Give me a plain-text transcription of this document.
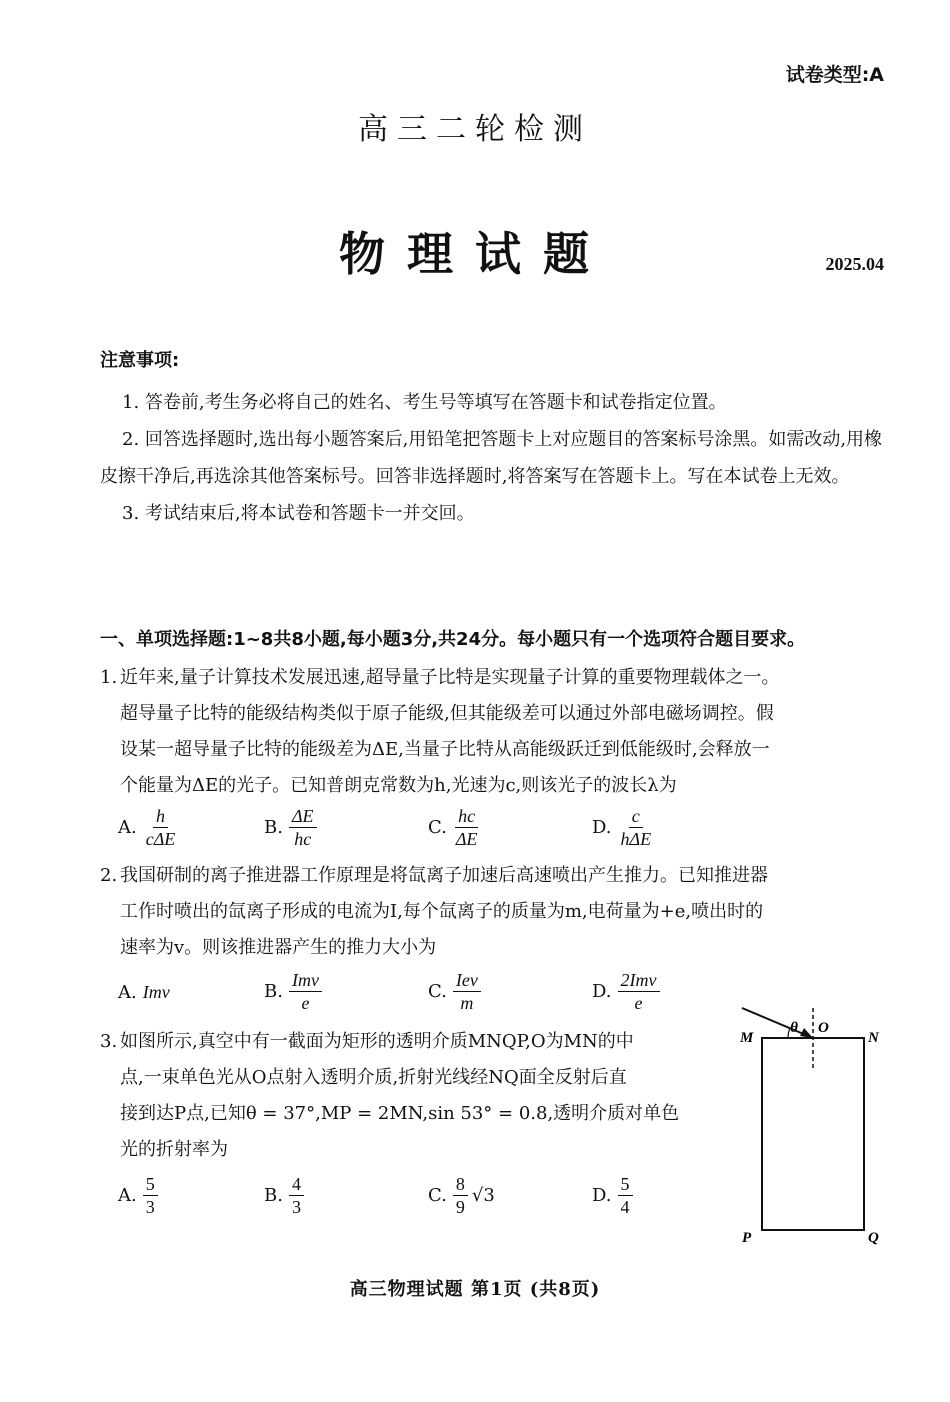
试卷类型:A
高三二轮检测
物理试题	2025.04
注意事项:

1. 答卷前,考生务必将自己的姓名、考生号等填写在答题卡和试卷指定位置。

2. 回答选择题时,选出每小题答案后,用铅笔把答题卡上对应题目的答案标号涂黑。如需改动,用橡皮擦干净后,再选涂其他答案标号。回答非选择题时,将答案写在答题卡上。写在本试卷上无效。

3. 考试结束后,将本试卷和答题卡一并交回。

一、单项选择题:1~8共8小题,每小题3分,共24分。每小题只有一个选项符合题目要求。
1. 近年来,量子计算技术发展迅速,超导量子比特是实现量子计算的重要物理载体之一。
超导量子比特的能级结构类似于原子能级,但其能级差可以通过外部电磁场调控。假
设某一超导量子比特的能级差为ΔE,当量子比特从高能级跃迁到低能级时,会释放一
个能量为ΔE的光子。已知普朗克常数为h,光速为c,则该光子的波长λ为
A. $\frac{h}{\text{cΔE}}$	B. $\frac{\Delta E}{hc}$	C. $\frac{hc}{\Delta E}$	D. $\frac{c}{\text{hΔE}}$
2. 我国研制的离子推进器工作原理是将氙离子加速后高速喷出产生推力。已知推进器
工作时喷出的氙离子形成的电流为I,每个氙离子的质量为m,电荷量为+e,喷出时的
速率为v。则该推进器产生的推力大小为
A. Imv	B. $\frac{\text{Imv}}{e}$	C. $\frac{\text{Iev}}{m}$	D. $\frac{\text{2Imv}}{e}$
3. 如图所示,真空中有一截面为矩形的透明介质MNQP,O为MN的中
点,一束单色光从O点射入透明介质,折射光线经NQ面全反射后直
接到达P点,已知θ = 37°,MP = 2MN,sin 53° = 0.8,透明介质对单色
光的折射率为
A. $\frac{5}{3}$	B. $\frac{4}{3}$	C. $\frac{8}{9} √3$	D. $\frac{5}{4}$
θ
M	N
O
P	Q
高三物理试题 第1页 (共8页)
